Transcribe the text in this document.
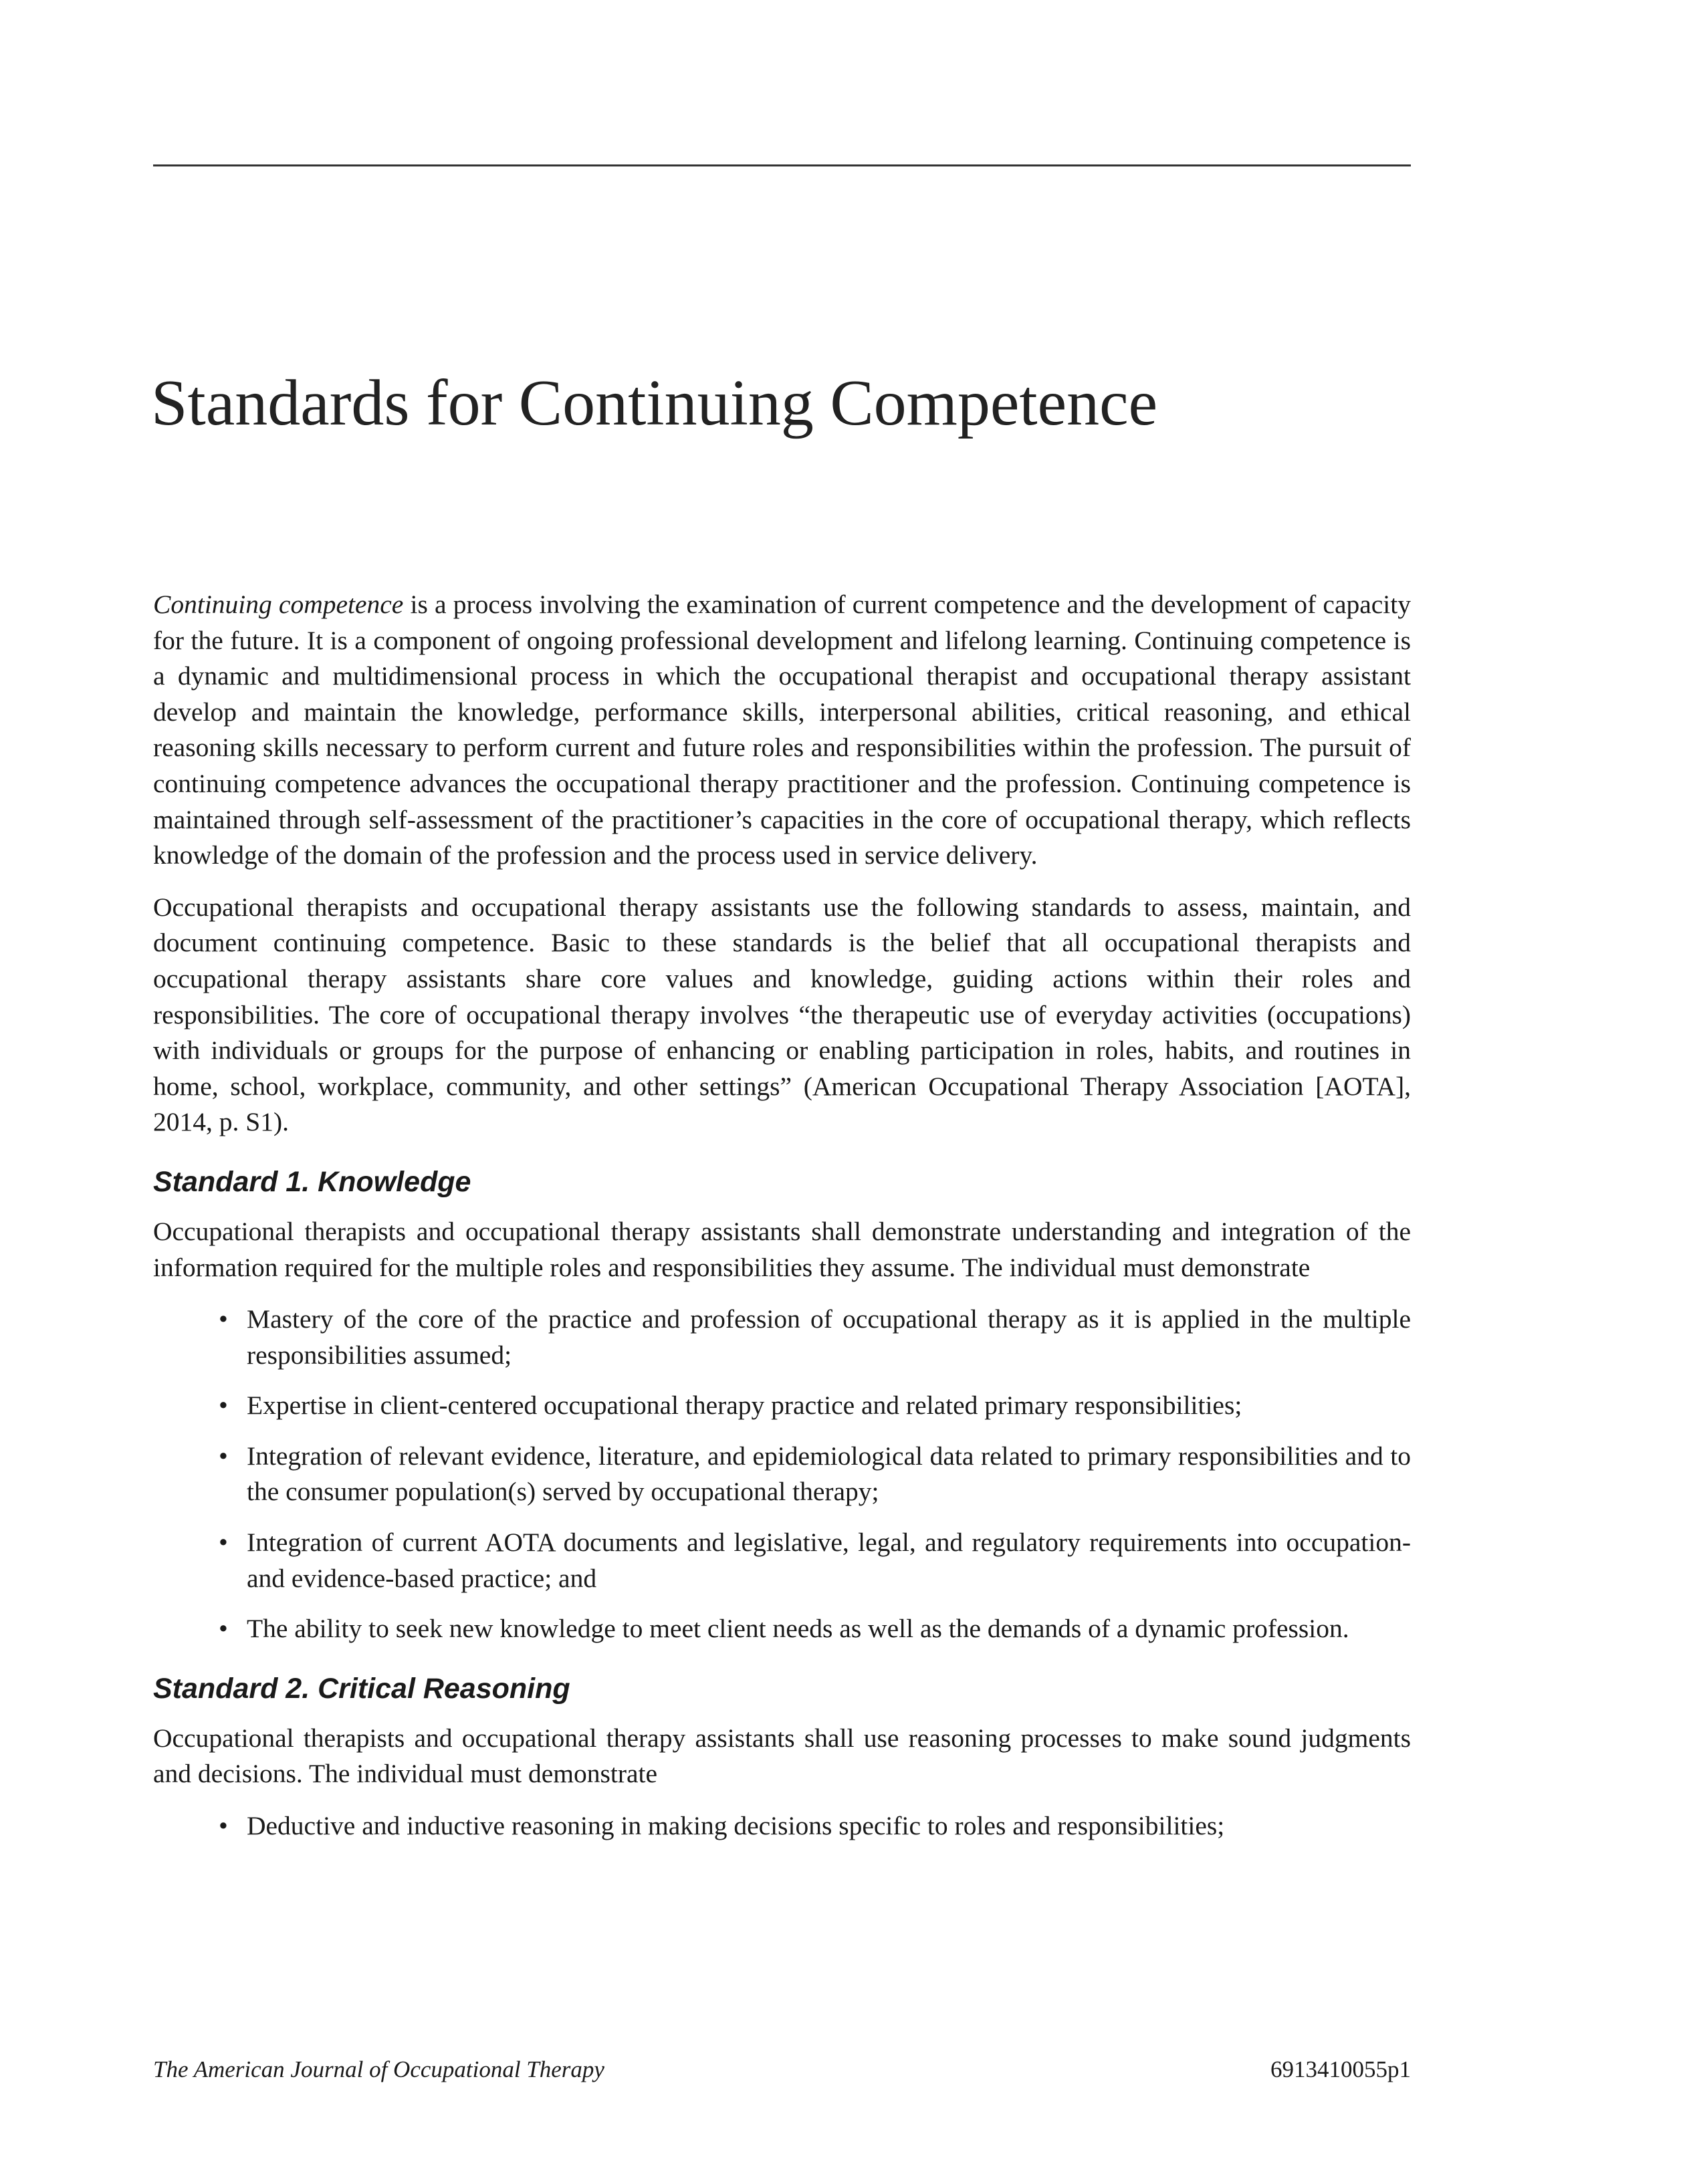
Standards for Continuing Competence

Continuing competence is a process involving the examination of current competence and the development of capacity for the future. It is a component of ongoing professional development and lifelong learning. Continuing competence is a dynamic and multidimensional process in which the occupational therapist and occupational therapy assistant develop and maintain the knowledge, performance skills, interpersonal abilities, critical reasoning, and ethical reasoning skills necessary to perform current and future roles and responsibilities within the profession. The pursuit of continuing competence advances the occupational therapy practitioner and the profession. Continuing competence is maintained through self-assessment of the practitioner’s capacities in the core of occupational therapy, which reflects knowledge of the domain of the profession and the process used in service delivery.

Occupational therapists and occupational therapy assistants use the following standards to assess, maintain, and document continuing competence. Basic to these standards is the belief that all occupational therapists and occupational therapy assistants share core values and knowledge, guiding actions within their roles and responsibilities. The core of occupational therapy involves “the therapeutic use of everyday activities (occupations) with individuals or groups for the purpose of enhancing or enabling participation in roles, habits, and routines in home, school, workplace, community, and other settings” (American Occupational Therapy Association [AOTA], 2014, p. S1).

Standard 1. Knowledge

Occupational therapists and occupational therapy assistants shall demonstrate understanding and integration of the information required for the multiple roles and responsibilities they assume. The individual must demonstrate

• Mastery of the core of the practice and profession of occupational therapy as it is applied in the multiple responsibilities assumed;
• Expertise in client-centered occupational therapy practice and related primary responsibilities;
• Integration of relevant evidence, literature, and epidemiological data related to primary responsibilities and to the consumer population(s) served by occupational therapy;
• Integration of current AOTA documents and legislative, legal, and regulatory requirements into occupation- and evidence-based practice; and
• The ability to seek new knowledge to meet client needs as well as the demands of a dynamic profession.
Standard 2. Critical Reasoning

Occupational therapists and occupational therapy assistants shall use reasoning processes to make sound judgments and decisions. The individual must demonstrate

• Deductive and inductive reasoning in making decisions specific to roles and responsibilities;
The American Journal of Occupational Therapy	6913410055p1
